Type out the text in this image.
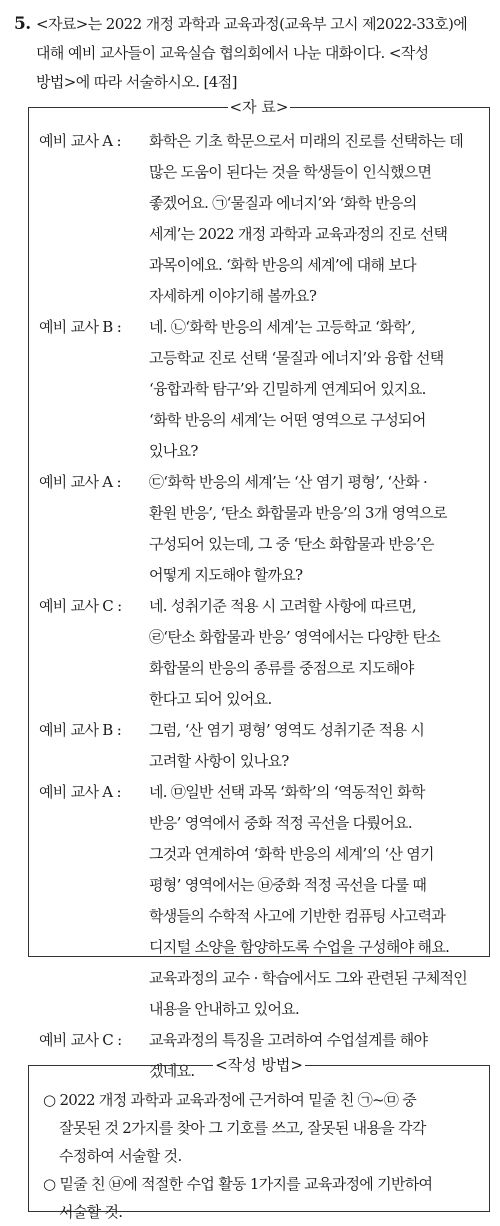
5. <자료>는 2022 개정 과학과 교육과정(교육부 고시 제2022-33호)에
대해 예비 교사들이 교육실습 협의회에서 나눈 대화이다. <작성
방법>에 따라 서술하시오. [4점]
<자 료>
예비 교사 A : 화학은 기초 학문으로서 미래의 진로를 선택하는 데
많은 도움이 된다는 것을 학생들이 인식했으면
좋겠어요. ㉠‘물질과 에너지’와 ‘화학 반응의
세계’는 2022 개정 과학과 교육과정의 진로 선택
과목이에요. ‘화학 반응의 세계’에 대해 보다
자세하게 이야기해 볼까요?
예비 교사 B : 네. ㉡‘화학 반응의 세계’는 고등학교 ‘화학’,
고등학교 진로 선택 ‘물질과 에너지’와 융합 선택
‘융합과학 탐구’와 긴밀하게 연계되어 있지요.
‘화학 반응의 세계’는 어떤 영역으로 구성되어
있나요?
예비 교사 A : ㉢‘화학 반응의 세계’는 ‘산 염기 평형’, ‘산화 ·
환원 반응’, ‘탄소 화합물과 반응’의 3개 영역으로
구성되어 있는데, 그 중 ‘탄소 화합물과 반응’은
어떻게 지도해야 할까요?
예비 교사 C : 네. 성취기준 적용 시 고려할 사항에 따르면,
㉣‘탄소 화합물과 반응’ 영역에서는 다양한 탄소
화합물의 반응의 종류를 중점으로 지도해야
한다고 되어 있어요.
예비 교사 B : 그럼, ‘산 염기 평형’ 영역도 성취기준 적용 시
고려할 사항이 있나요?
예비 교사 A : 네. ㉤일반 선택 과목 ‘화학’의 ‘역동적인 화학
반응’ 영역에서 중화 적정 곡선을 다뤘어요.
그것과 연계하여 ‘화학 반응의 세계’의 ‘산 염기
평형’ 영역에서는 ㉥중화 적정 곡선을 다룰 때
학생들의 수학적 사고에 기반한 컴퓨팅 사고력과
디지털 소양을 함양하도록 수업을 구성해야 해요.
교육과정의 교수 · 학습에서도 그와 관련된 구체적인
내용을 안내하고 있어요.
예비 교사 C : 교육과정의 특징을 고려하여 수업설계를 해야
겠네요.	<작성 방법>
○ 2022 개정 과학과 교육과정에 근거하여 밑줄 친 ㉠~㉤ 중
잘못된 것 2가지를 찾아 그 기호를 쓰고, 잘못된 내용을 각각
수정하여 서술할 것.
○ 밑줄 친 ㉥에 적절한 수업 활동 1가지를 교육과정에 기반하여
서술할 것.
